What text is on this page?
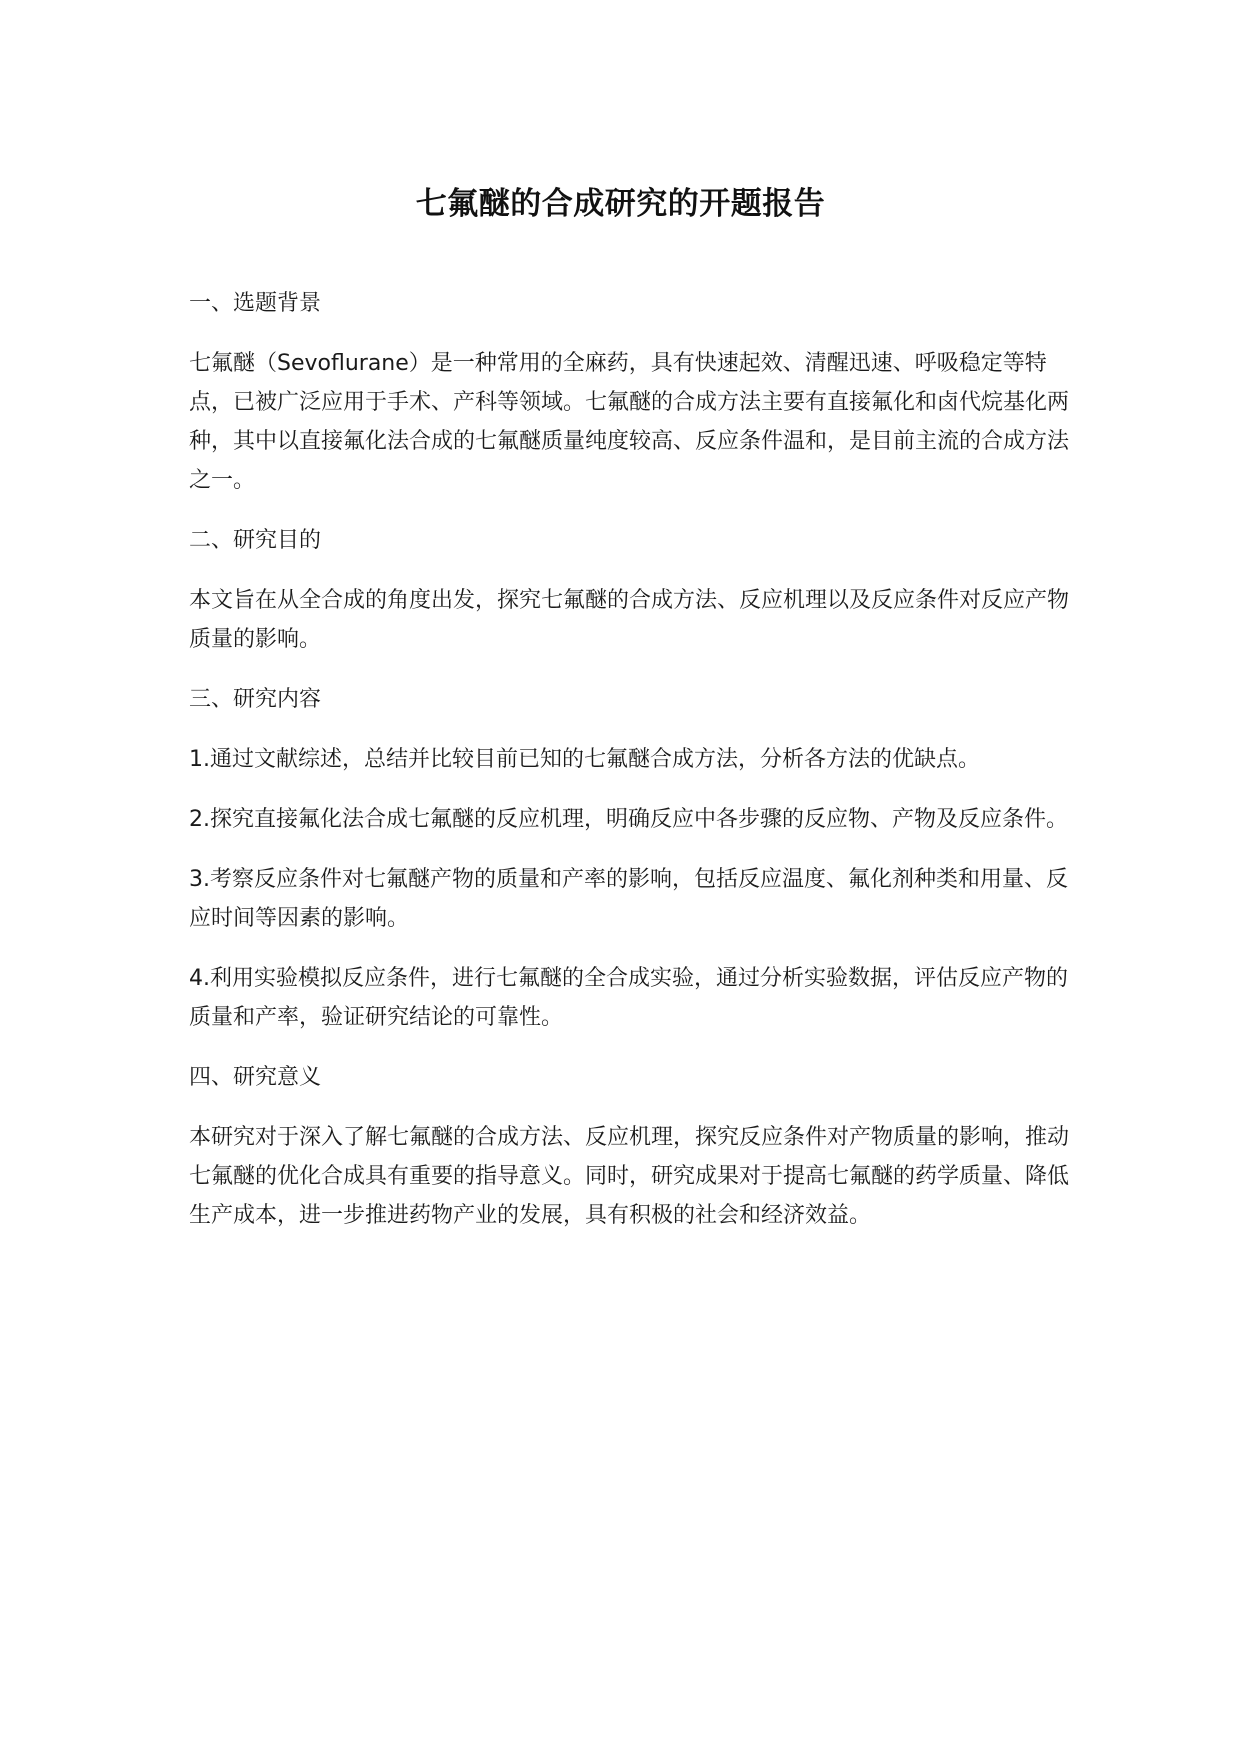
七氟醚的合成研究的开题报告
一、选题背景
七氟醚（Sevoflurane）是一种常用的全麻药，具有快速起效、清醒迅速、呼吸稳定等特点，已被广泛应用于手术、产科等领域。七氟醚的合成方法主要有直接氟化和卤代烷基化两种，其中以直接氟化法合成的七氟醚质量纯度较高、反应条件温和，是目前主流的合成方法之一。
二、研究目的
本文旨在从全合成的角度出发，探究七氟醚的合成方法、反应机理以及反应条件对反应产物质量的影响。
三、研究内容
1.通过文献综述，总结并比较目前已知的七氟醚合成方法，分析各方法的优缺点。
2.探究直接氟化法合成七氟醚的反应机理，明确反应中各步骤的反应物、产物及反应条件。
3.考察反应条件对七氟醚产物的质量和产率的影响，包括反应温度、氟化剂种类和用量、反应时间等因素的影响。
4.利用实验模拟反应条件，进行七氟醚的全合成实验，通过分析实验数据，评估反应产物的质量和产率，验证研究结论的可靠性。
四、研究意义
本研究对于深入了解七氟醚的合成方法、反应机理，探究反应条件对产物质量的影响，推动七氟醚的优化合成具有重要的指导意义。同时，研究成果对于提高七氟醚的药学质量、降低生产成本，进一步推进药物产业的发展，具有积极的社会和经济效益。
